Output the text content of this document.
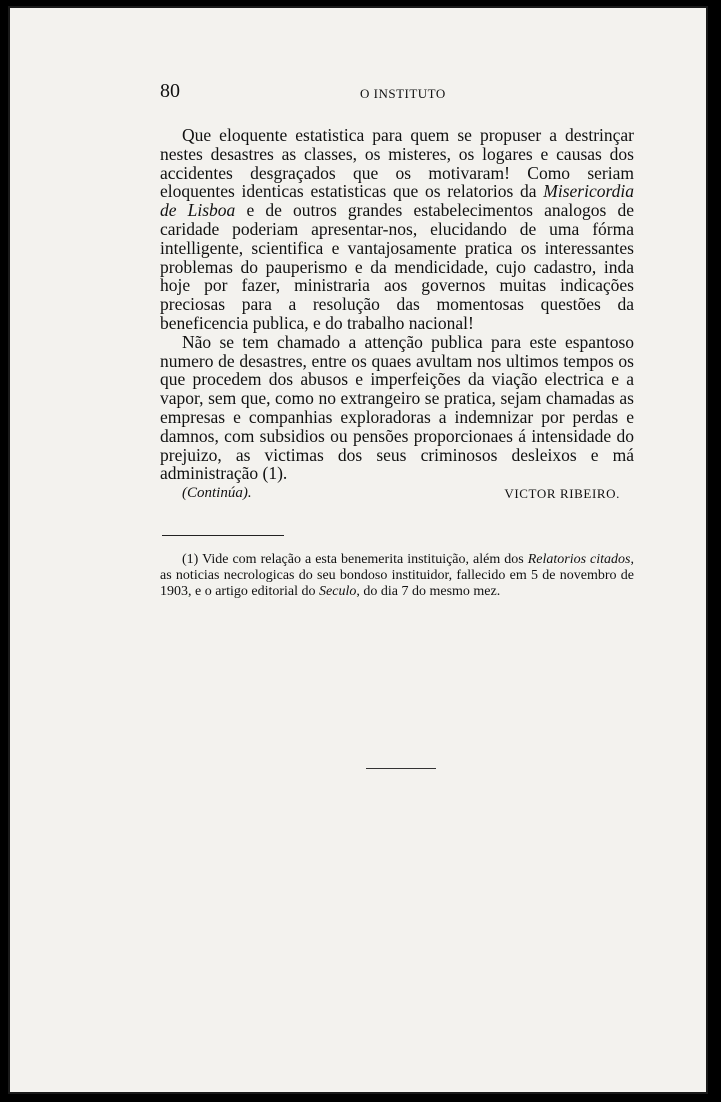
80	O INSTITUTO

Que eloquente estatistica para quem se propuser a destrinçar nestes desastres as classes, os misteres, os logares e causas dos accidentes desgraçados que os motivaram! Como seriam eloquentes identicas estatisticas que os relatorios da Misericordia de Lisboa e de outros grandes estabelecimentos analogos de caridade poderiam apresentar-nos, elucidando de uma fórma intelligente, scientifica e vantajosamente pratica os interessantes problemas do pauperismo e da mendicidade, cujo cadastro, inda hoje por fazer, ministraria aos governos muitas indicações preciosas para a resolução das momentosas questões da beneficencia publica, e do trabalho nacional!

Não se tem chamado a attenção publica para este espantoso numero de desastres, entre os quaes avultam nos ultimos tempos os que procedem dos abusos e imperfeições da viação electrica e a vapor, sem que, como no extrangeiro se pratica, sejam chamadas as empresas e companhias exploradoras a indemnizar por perdas e damnos, com subsidios ou pensões proporcionaes á intensidade do prejuizo, as victimas dos seus criminosos desleixos e má administração (1).

(Continúa).	VICTOR RIBEIRO.

(1) Vide com relação a esta benemerita instituição, além dos Relatorios citados, as noticias necrologicas do seu bondoso instituidor, fallecido em 5 de novembro de 1903, e o artigo editorial do Seculo, do dia 7 do mesmo mez.
